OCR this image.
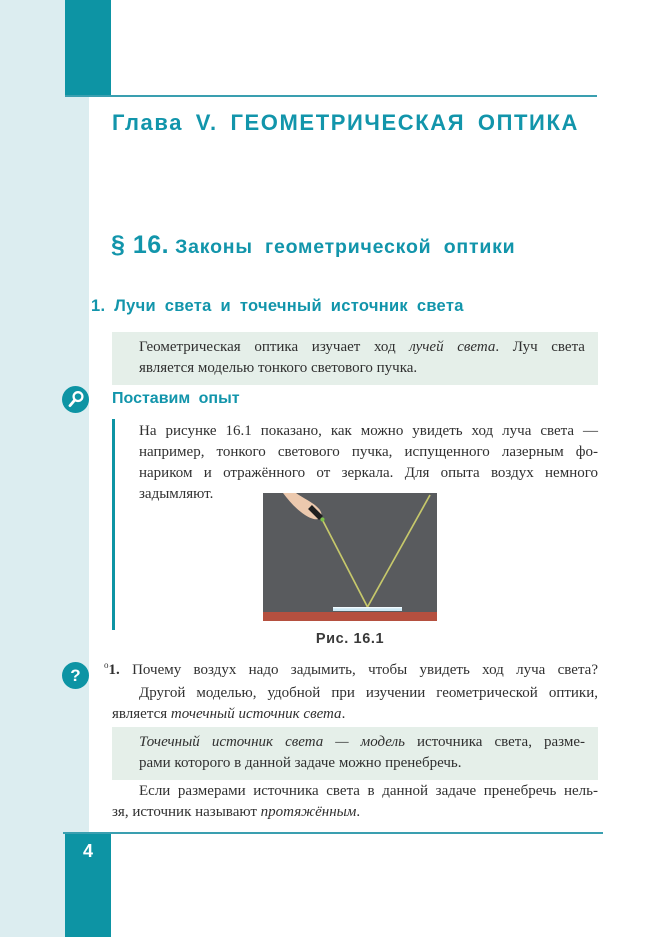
Глава V. ГЕОМЕТРИЧЕСКАЯ ОПТИКА
§ 16. Законы геометрической оптики
1. Лучи света и точечный источник света
Геометрическая оптика изучает ход лучей света. Луч света
является моделью тонкого светового пучка.
Поставим опыт
На рисунке 16.1 показано, как можно увидеть ход луча света —
например, тонкого светового пучка, испущенного лазерным фо-
нариком и отражённого от зеркала. Для опыта воздух немного
задымляют.
Рис. 16.1
?
$^о$1. Почему воздух надо задымить, чтобы увидеть ход луча света?
Другой моделью, удобной при изучении геометрической оптики,
является точечный источник света.
Точечный источник света — модель источника света, разме-
рами которого в данной задаче можно пренебречь.
Если размерами источника света в данной задаче пренебречь нель-
зя, источник называют протяжённым.
4
